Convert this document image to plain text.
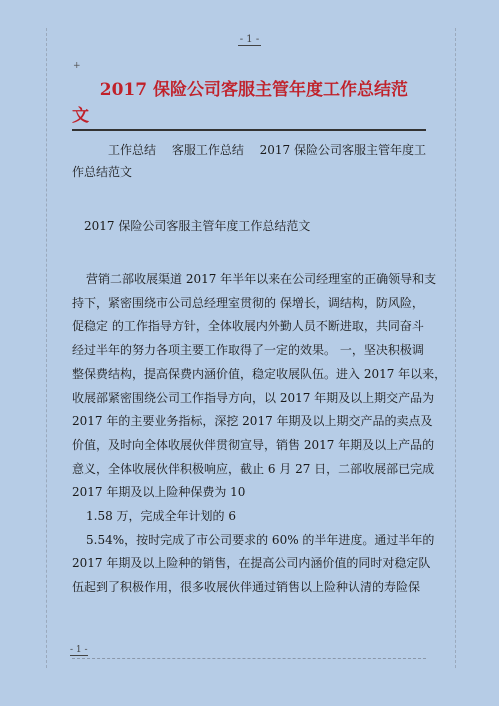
- 1 -
+
2017 保险公司客服主管年度工作总结范
文
工作总结　 客服工作总结　 2017 保险公司客服主管年度工
作总结范文
2017 保险公司客服主管年度工作总结范文
营销二部收展渠道 2017 年半年以来在公司经理室的正确领导和支
持下，紧密围绕市公司总经理室贯彻的 保增长，调结构，防风险，
促稳定 的工作指导方针，全体收展内外勤人员不断进取，共同奋斗
经过半年的努力各项主要工作取得了一定的效果。 一，坚决积极调
整保费结构，提高保费内涵价值，稳定收展队伍。进入 2017 年以来，
收展部紧密围绕公司工作指导方向，以 2017 年期及以上期交产品为
2017 年的主要业务指标，深挖 2017 年期及以上期交产品的卖点及
价值，及时向全体收展伙伴贯彻宣导，销售 2017 年期及以上产品的
意义，全体收展伙伴积极响应，截止 6 月 27 日，二部收展部已完成
2017 年期及以上险种保费为 10
1.58 万，完成全年计划的 6
5.54%，按时完成了市公司要求的 60% 的半年进度。通过半年的
2017 年期及以上险种的销售，在提高公司内涵价值的同时对稳定队
伍起到了积极作用，很多收展伙伴通过销售以上险种认清的寿险保
- 1 -
